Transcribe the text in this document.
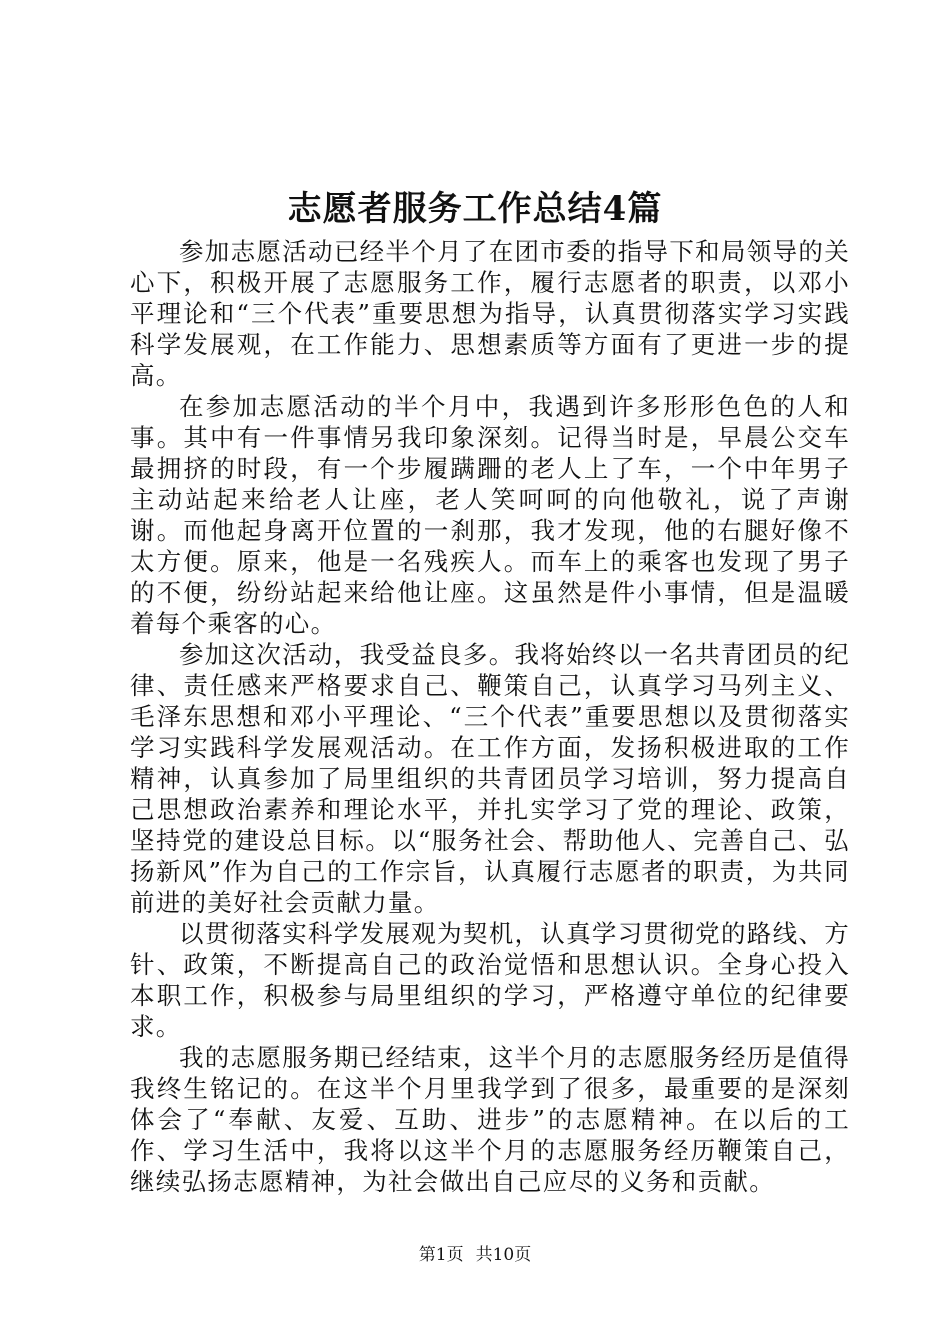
志愿者服务工作总结4篇

参加志愿活动已经半个月了在团市委的指导下和局领导的关心下，积极开展了志愿服务工作，履行志愿者的职责，以邓小平理论和“三个代表”重要思想为指导，认真贯彻落实学习实践科学发展观，在工作能力、思想素质等方面有了更进一步的提高。

在参加志愿活动的半个月中，我遇到许多形形色色的人和事。其中有一件事情另我印象深刻。记得当时是，早晨公交车最拥挤的时段，有一个步履蹒跚的老人上了车，一个中年男子主动站起来给老人让座，老人笑呵呵的向他敬礼，说了声谢谢。而他起身离开位置的一刹那，我才发现，他的右腿好像不太方便。原来，他是一名残疾人。而车上的乘客也发现了男子的不便，纷纷站起来给他让座。这虽然是件小事情，但是温暖着每个乘客的心。

参加这次活动，我受益良多。我将始终以一名共青团员的纪律、责任感来严格要求自己、鞭策自己，认真学习马列主义、毛泽东思想和邓小平理论、“三个代表”重要思想以及贯彻落实学习实践科学发展观活动。在工作方面，发扬积极进取的工作精神，认真参加了局里组织的共青团员学习培训，努力提高自己思想政治素养和理论水平，并扎实学习了党的理论、政策，坚持党的建设总目标。以“服务社会、帮助他人、完善自己、弘扬新风”作为自己的工作宗旨，认真履行志愿者的职责，为共同前进的美好社会贡献力量。

以贯彻落实科学发展观为契机，认真学习贯彻党的路线、方针、政策，不断提高自己的政治觉悟和思想认识。全身心投入本职工作，积极参与局里组织的学习，严格遵守单位的纪律要求。

我的志愿服务期已经结束，这半个月的志愿服务经历是值得我终生铭记的。在这半个月里我学到了很多，最重要的是深刻体会了“奉献、友爱、互助、进步”的志愿精神。在以后的工作、学习生活中，我将以这半个月的志愿服务经历鞭策自己，继续弘扬志愿精神，为社会做出自己应尽的义务和贡献。

第1页 共10页
